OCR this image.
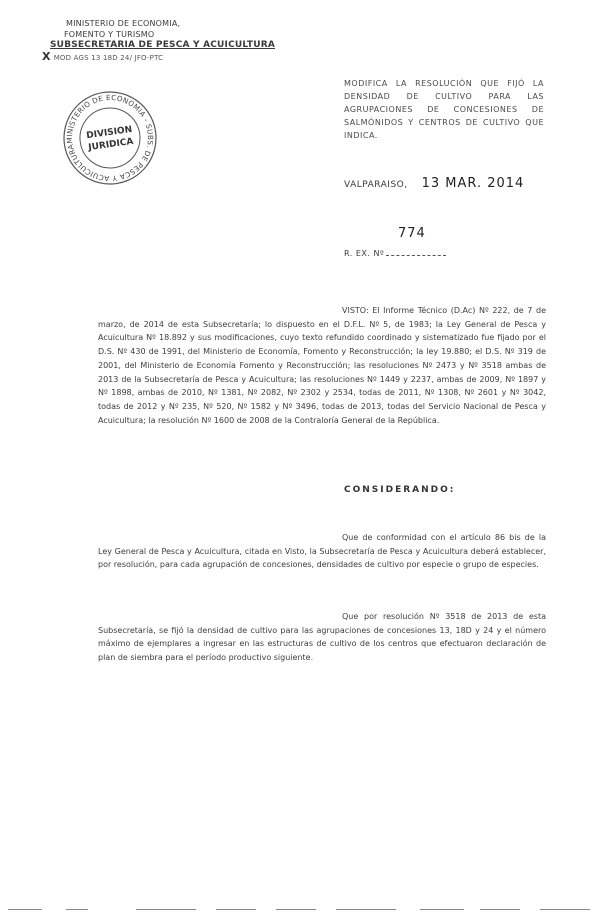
MINISTERIO DE ECONOMIA,
FOMENTO Y TURISMO
SUBSECRETARIA DE PESCA Y ACUICULTURA
XMOD AGS 13 18D 24/ JFO-PTC
MINISTERIO DE ECONOMIA - SUBS. DE PESCA Y ACUICULTURA
DIVISION
JURIDICA
MODIFICA LA RESOLUCIÓN QUE FIJÓ LA DENSIDAD DE CULTIVO PARA LAS AGRUPACIONES DE CONCESIONES DE SALMÓNIDOS Y CENTROS DE CULTIVO QUE INDICA.
VALPARAISO, 13 MAR. 2014
774
R. EX. Nº
VISTO: El Informe Técnico (D.Ac) Nº 222, de 7 de marzo, de 2014 de esta Subsecretaría; lo dispuesto en el D.F.L. Nº 5, de 1983; la Ley General de Pesca y Acuicultura Nº 18.892 y sus modificaciones, cuyo texto refundido coordinado y sistematizado fue fijado por el D.S. Nº 430 de 1991, del Ministerio de Economía, Fomento y Reconstrucción; la ley 19.880; el D.S. Nº 319 de 2001, del Ministerio de Economía Fomento y Reconstrucción; las resoluciones Nº 2473 y Nº 3518 ambas de 2013 de la Subsecretaría de Pesca y Acuicultura; las resoluciones Nº 1449 y 2237, ambas de 2009, Nº 1897 y Nº 1898, ambas de 2010, Nº 1381, Nº 2082, Nº 2302 y 2534, todas de 2011, Nº 1308, Nº 2601 y Nº 3042, todas de 2012 y Nº 235, Nº 520, Nº 1582 y Nº 3496, todas de 2013, todas del Servicio Nacional de Pesca y Acuicultura; la resolución Nº 1600 de 2008 de la Contraloría General de la República.
CONSIDERANDO:
Que de conformidad con el artículo 86 bis de la Ley General de Pesca y Acuicultura, citada en Visto, la Subsecretaría de Pesca y Acuicultura deberá establecer, por resolución, para cada agrupación de concesiones, densidades de cultivo por especie o grupo de especies.
Que por resolución Nº 3518 de 2013 de esta Subsecretaría, se fijó la densidad de cultivo para las agrupaciones de concesiones 13, 18D y 24 y el número máximo de ejemplares a ingresar en las estructuras de cultivo de los centros que efectuaron declaración de plan de siembra para el período productivo siguiente.
